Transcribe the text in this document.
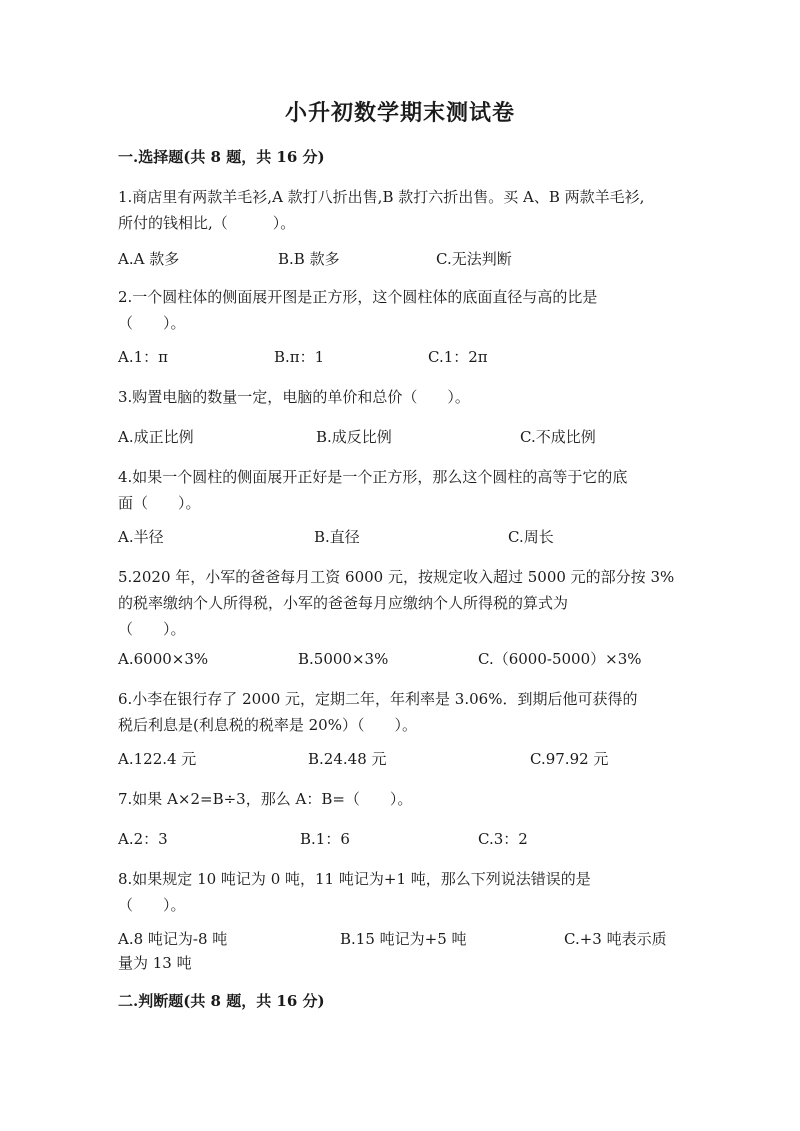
小升初数学期末测试卷
一.选择题(共 8 题，共 16 分)
1.商店里有两款羊毛衫,A 款打八折出售,B 款打六折出售。买 A、B 两款羊毛衫,
所付的钱相比,（　　　）。
A.A 款多	B.B 款多	C.无法判断
2.一个圆柱体的侧面展开图是正方形，这个圆柱体的底面直径与高的比是
（　　）。
A.1：π	B.π：1	C.1：2π
3.购置电脑的数量一定，电脑的单价和总价（　　）。
A.成正比例	B.成反比例	C.不成比例
4.如果一个圆柱的侧面展开正好是一个正方形，那么这个圆柱的高等于它的底
面（　　）。
A.半径	B.直径	C.周长
5.2020 年，小军的爸爸每月工资 6000 元，按规定收入超过 5000 元的部分按 3%
的税率缴纳个人所得税，小军的爸爸每月应缴纳个人所得税的算式为
（　　）。
A.6000×3%	B.5000×3%	C.（6000-5000）×3%
6.小李在银行存了 2000 元，定期二年，年利率是 3.06%．到期后他可获得的
税后利息是(利息税的税率是 20%）（　　）。
A.122.4 元	B.24.48 元	C.97.92 元
7.如果 A×2=B÷3，那么 A：B=（　　）。
A.2：3	B.1：6	C.3：2
8.如果规定 10 吨记为 0 吨，11 吨记为+1 吨，那么下列说法错误的是
（　　）。
A.8 吨记为-8 吨	B.15 吨记为+5 吨	C.+3 吨表示质
量为 13 吨
二.判断题(共 8 题，共 16 分)
